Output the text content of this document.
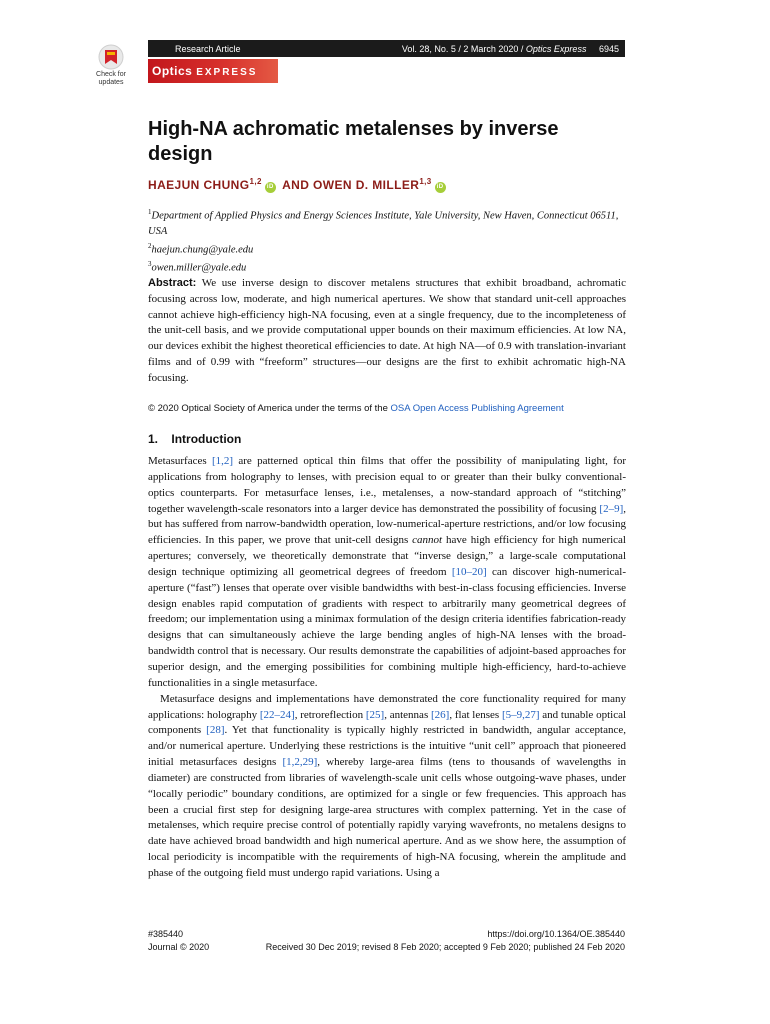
Check for updates
Research Article	Vol. 28, No. 5 / 2 March 2020 / Optics Express 6945
Optics EXPRESS
High-NA achromatic metalenses by inverse design
HAEJUN CHUNG$^{1,2}$iD AND OWEN D. MILLER$^{1,3}$iD
$^1$Department of Applied Physics and Energy Sciences Institute, Yale University, New Haven, Connecticut 06511, USA
$^2$haejun.chung@yale.edu
$^3$owen.miller@yale.edu
Abstract: We use inverse design to discover metalens structures that exhibit broadband, achromatic focusing across low, moderate, and high numerical apertures. We show that standard unit-cell approaches cannot achieve high-efficiency high-NA focusing, even at a single frequency, due to the incompleteness of the unit-cell basis, and we provide computational upper bounds on their maximum efficiencies. At low NA, our devices exhibit the highest theoretical efficiencies to date. At high NA—of 0.9 with translation-invariant films and of 0.99 with “freeform” structures—our designs are the first to exhibit achromatic high-NA focusing.
© 2020 Optical Society of America under the terms of the OSA Open Access Publishing Agreement
1. Introduction

Metasurfaces [1,2] are patterned optical thin films that offer the possibility of manipulating light, for applications from holography to lenses, with precision equal to or greater than their bulky conventional-optics counterparts. For metasurface lenses, i.e., metalenses, a now-standard approach of “stitching” together wavelength-scale resonators into a larger device has demonstrated the possibility of focusing [2–9], but has suffered from narrow-bandwidth operation, low-numerical-aperture restrictions, and/or low focusing efficiencies. In this paper, we prove that unit-cell designs cannot have high efficiency for high numerical apertures; conversely, we theoretically demonstrate that “inverse design,” a large-scale computational design technique optimizing all geometrical degrees of freedom [10–20] can discover high-numerical-aperture (“fast”) lenses that operate over visible bandwidths with best-in-class focusing efficiencies. Inverse design enables rapid computation of gradients with respect to arbitrarily many geometrical degrees of freedom; our implementation using a minimax formulation of the design criteria identifies fabrication-ready designs that can simultaneously achieve the large bending angles of high-NA lenses with the broad-bandwidth control that is necessary. Our results demonstrate the capabilities of adjoint-based approaches for superior design, and the emerging possibilities for combining multiple high-efficiency, hard-to-achieve functionalities in a single metasurface.

Metasurface designs and implementations have demonstrated the core functionality required for many applications: holography [22–24], retroreflection [25], antennas [26], flat lenses [5–9,27] and tunable optical components [28]. Yet that functionality is typically highly restricted in bandwidth, angular acceptance, and/or numerical aperture. Underlying these restrictions is the intuitive “unit cell” approach that pioneered initial metasurfaces designs [1,2,29], whereby large-area films (tens to thousands of wavelengths in diameter) are constructed from libraries of wavelength-scale unit cells whose outgoing-wave phases, under “locally periodic” boundary conditions, are optimized for a single or few frequencies. This approach has been a crucial first step for designing large-area structures with complex patterning. Yet in the case of metalenses, which require precise control of potentially rapidly varying wavefronts, no metalens designs to date have achieved broad bandwidth and high numerical aperture. And as we show here, the assumption of local periodicity is incompatible with the requirements of high-NA focusing, wherein the amplitude and phase of the outgoing field must undergo rapid variations. Using a

#385440
Journal © 2020
https://doi.org/10.1364/OE.385440
Received 30 Dec 2019; revised 8 Feb 2020; accepted 9 Feb 2020; published 24 Feb 2020
